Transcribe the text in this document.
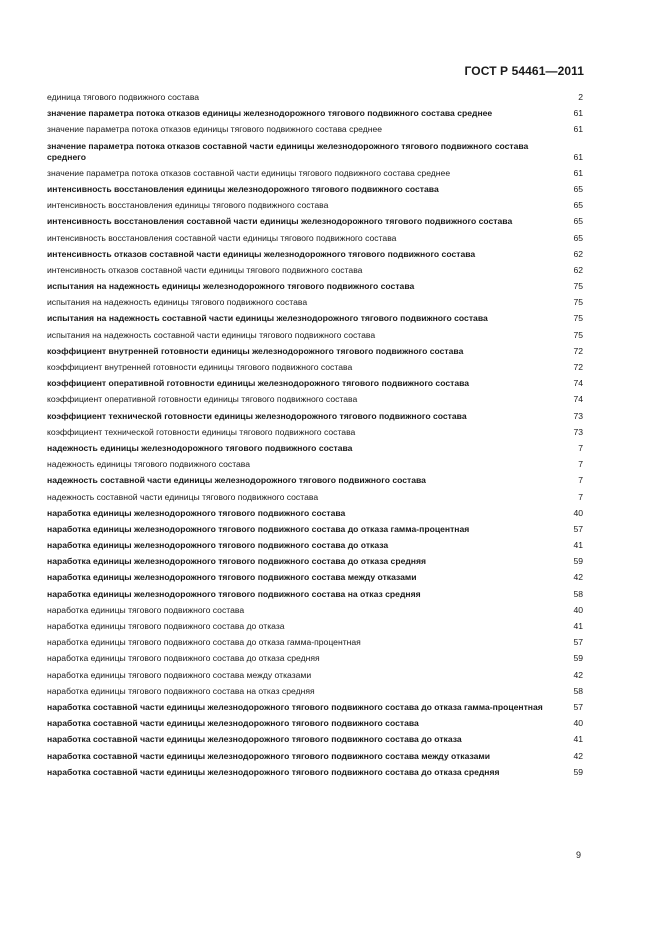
ГОСТ Р 54461—2011
единица тягового подвижного состава	2
значение параметра потока отказов единицы железнодорожного тягового подвижного состава среднее	61
значение параметра потока отказов единицы тягового подвижного состава среднее	61
значение параметра потока отказов составной части единицы железнодорожного тягового подвижного состава среднего	61
значение параметра потока отказов составной части единицы тягового подвижного состава среднее	61
интенсивность восстановления единицы железнодорожного тягового подвижного состава	65
интенсивность восстановления единицы тягового подвижного состава	65
интенсивность восстановления составной части единицы железнодорожного тягового подвижного состава	65
интенсивность восстановления составной части единицы тягового подвижного состава	65
интенсивность отказов составной части единицы железнодорожного тягового подвижного состава	62
интенсивность отказов составной части единицы тягового подвижного состава	62
испытания на надежность единицы железнодорожного тягового подвижного состава	75
испытания на надежность единицы тягового подвижного состава	75
испытания на надежность составной части единицы железнодорожного тягового подвижного состава	75
испытания на надежность составной части единицы тягового подвижного состава	75
коэффициент внутренней готовности единицы железнодорожного тягового подвижного состава	72
коэффициент внутренней готовности единицы тягового подвижного состава	72
коэффициент оперативной готовности единицы железнодорожного тягового подвижного состава	74
коэффициент оперативной готовности единицы тягового подвижного состава	74
коэффициент технической готовности единицы железнодорожного тягового подвижного состава	73
коэффициент технической готовности единицы тягового подвижного состава	73
надежность единицы железнодорожного тягового подвижного состава	7
надежность единицы тягового подвижного состава	7
надежность составной части единицы железнодорожного тягового подвижного состава	7
надежность составной части единицы тягового подвижного состава	7
наработка единицы железнодорожного тягового подвижного состава	40
наработка единицы железнодорожного тягового подвижного состава до отказа гамма-процентная	57
наработка единицы железнодорожного тягового подвижного состава до отказа	41
наработка единицы железнодорожного тягового подвижного состава до отказа средняя	59
наработка единицы железнодорожного тягового подвижного состава между отказами	42
наработка единицы железнодорожного тягового подвижного состава на отказ средняя	58
наработка единицы тягового подвижного состава	40
наработка единицы тягового подвижного состава до отказа	41
наработка единицы тягового подвижного состава до отказа гамма-процентная	57
наработка единицы тягового подвижного состава до отказа средняя	59
наработка единицы тягового подвижного состава между отказами	42
наработка единицы тягового подвижного состава на отказ средняя	58
наработка составной части единицы железнодорожного тягового подвижного состава до отказа гамма-процентная	57
наработка составной части единицы железнодорожного тягового подвижного состава	40
наработка составной части единицы железнодорожного тягового подвижного состава до отказа	41
наработка составной части единицы железнодорожного тягового подвижного состава между отказами	42
наработка составной части единицы железнодорожного тягового подвижного состава до отказа средняя	59
9
